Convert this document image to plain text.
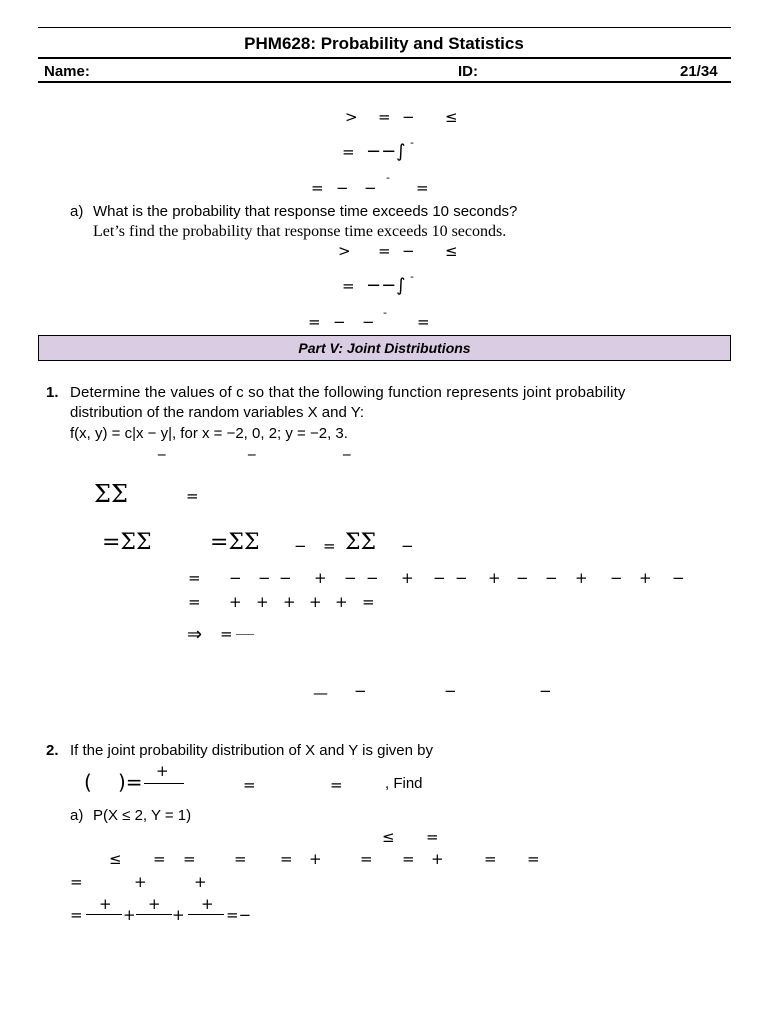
PHM628: Probability and Statistics
Name:	ID:	21/34
> = − ≤
= −−∫ -
= − −
-
=
a) What is the probability that response time exceeds 10 seconds?
Let’s find the probability that response time exceeds 10 seconds.
> = − ≤
= −−∫ -
= − −
-
=
Part V: Joint Distributions
1. Determine the values of c so that the following function represents joint probability
distribution of the random variables X and Y:
f(x, y) = c|x − y|, for x = −2, 0, 2; y = −2, 3.
_	_	_
ΣΣ	=
=ΣΣ	=ΣΣ − = ΣΣ −
= − − − + − − + − − + − − + − + −
= + + + + + =
⇒ =
— −	−	−
2. If the joint probability distribution of X and Y is given by
( )= +
=	=	, Find
a) P(X ≤ 2, Y = 1)
≤ =
≤ = =	= = +	= = +	= =
=	+	+
=
+
+
+
+
+
=−
